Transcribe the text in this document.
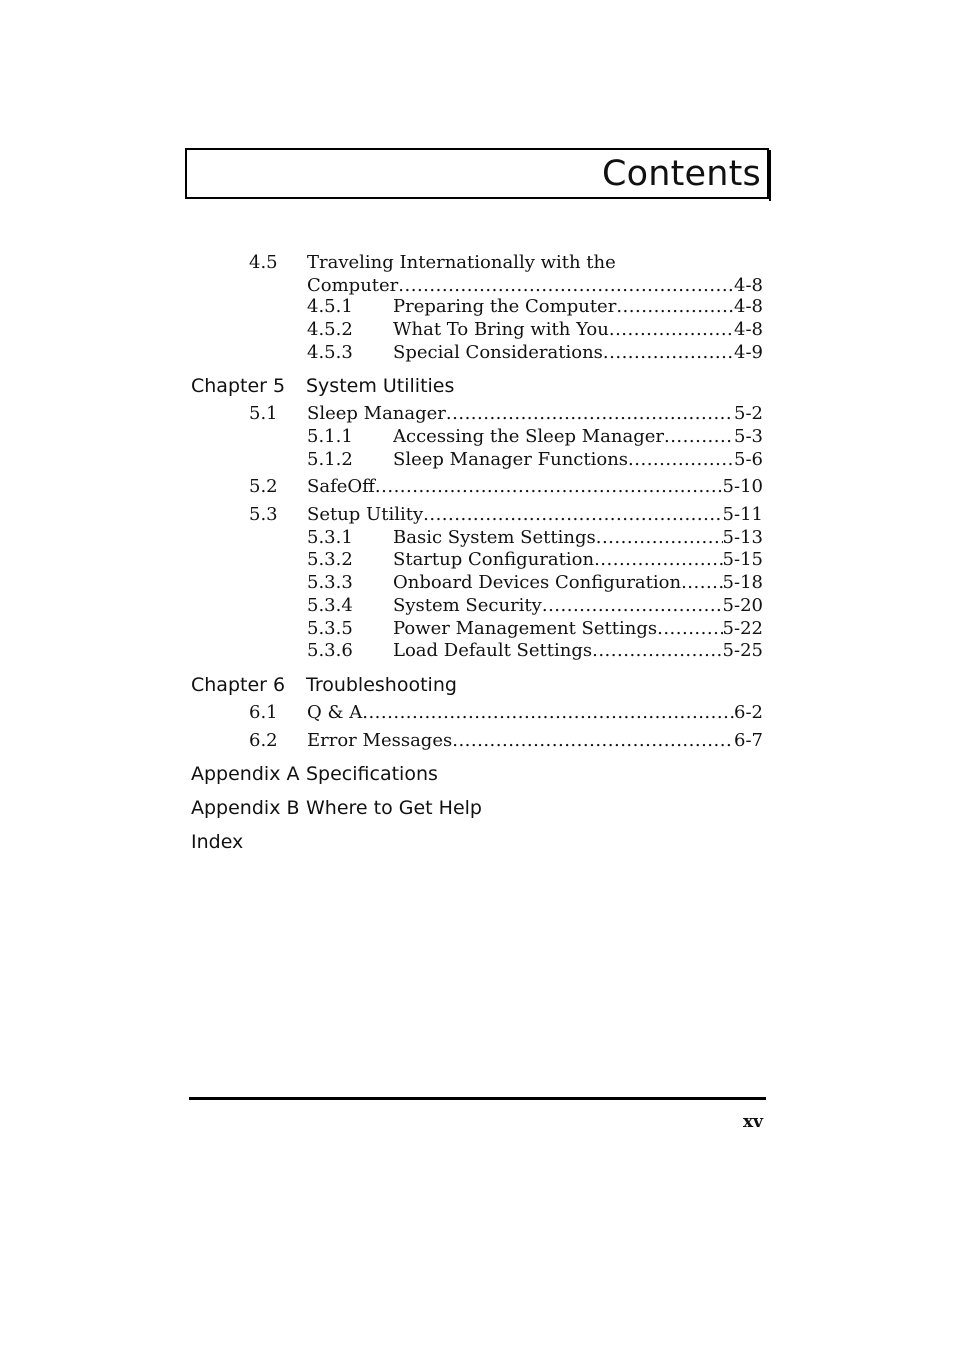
Contents
4.5 Traveling Internationally with the
Computer .....	4-8
4.5.1 Preparing the Computer .....	4-8
4.5.2 What To Bring with You .....	4-8
4.5.3 Special Considerations .....	4-9
Chapter 5 System Utilities
5.1 Sleep Manager .....	5-2
5.1.1 Accessing the Sleep Manager .....	5-3
5.1.2 Sleep Manager Functions .....	5-6
5.2 SafeOff .....	5-10
5.3 Setup Utility .....	5-11
5.3.1 Basic System Settings .....	5-13
5.3.2 Startup Configuration .....	5-15
5.3.3 Onboard Devices Configuration ..... 5-18
5.3.4 System Security .....	5-20
5.3.5 Power Management Settings .....	5-22
5.3.6 Load Default Settings .....	5-25
Chapter 6 Troubleshooting
6.1 Q & A .....	6-2
6.2 Error Messages .....	6-7
Appendix A Specifications
Appendix B Where to Get Help
Index
xv
